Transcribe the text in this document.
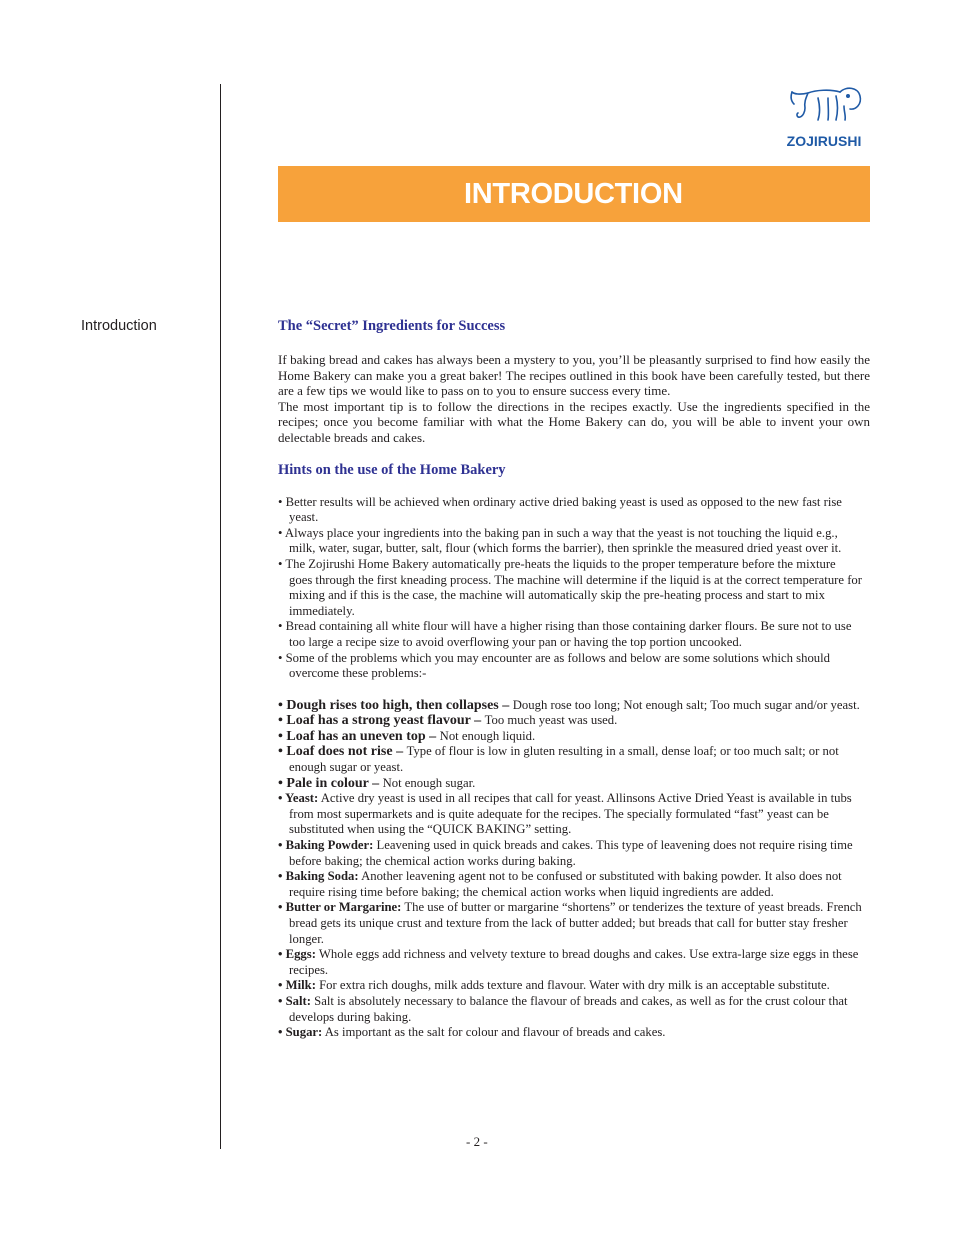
ZOJIRUSHI
INTRODUCTION
Introduction	The “Secret” Ingredients for Success

If baking bread and cakes has always been a mystery to you, you’ll be pleasantly surprised to find how easily the Home Bakery can make you a great baker! The recipes outlined in this book have been carefully tested, but there are a few tips we would like to pass on to you to ensure success every time.

The most important tip is to follow the directions in the recipes exactly. Use the ingredients specified in the recipes; once you become familiar with what the Home Bakery can do, you will be able to invent your own delectable breads and cakes.

Hints on the use of the Home Bakery
• Better results will be achieved when ordinary active dried baking yeast is used as opposed to the new fast rise yeast.
• Always place your ingredients into the baking pan in such a way that the yeast is not touching the liquid e.g., milk, water, sugar, butter, salt, flour (which forms the barrier), then sprinkle the measured dried yeast over it.
• The Zojirushi Home Bakery automatically pre-heats the liquids to the proper temperature before the mixture goes through the first kneading process. The machine will determine if the liquid is at the correct temperature for mixing and if this is the case, the machine will automatically skip the pre-heating process and start to mix immediately.
• Bread containing all white flour will have a higher rising than those containing darker flours. Be sure not to use too large a recipe size to avoid overflowing your pan or having the top portion uncooked.
• Some of the problems which you may encounter are as follows and below are some solutions which should overcome these problems:-
• Dough rises too high, then collapses – Dough rose too long; Not enough salt; Too much sugar and/or yeast.
• Loaf has a strong yeast flavour – Too much yeast was used.
• Loaf has an uneven top – Not enough liquid.
• Loaf does not rise – Type of flour is low in gluten resulting in a small, dense loaf; or too much salt; or not enough sugar or yeast.
• Pale in colour – Not enough sugar.
• Yeast: Active dry yeast is used in all recipes that call for yeast. Allinsons Active Dried Yeast is available in tubs from most supermarkets and is quite adequate for the recipes. The specially formulated “fast” yeast can be substituted when using the “QUICK BAKING” setting.
• Baking Powder: Leavening used in quick breads and cakes. This type of leavening does not require rising time before baking; the chemical action works during baking.
• Baking Soda: Another leavening agent not to be confused or substituted with baking powder. It also does not require rising time before baking; the chemical action works when liquid ingredients are added.
• Butter or Margarine: The use of butter or margarine “shortens” or tenderizes the texture of yeast breads. French bread gets its unique crust and texture from the lack of butter added; but breads that call for butter stay fresher longer.
• Eggs: Whole eggs add richness and velvety texture to bread doughs and cakes. Use extra-large size eggs in these recipes.
• Milk: For extra rich doughs, milk adds texture and flavour. Water with dry milk is an acceptable substitute.
• Salt: Salt is absolutely necessary to balance the flavour of breads and cakes, as well as for the crust colour that develops during baking.
• Sugar: As important as the salt for colour and flavour of breads and cakes.
- 2 -
